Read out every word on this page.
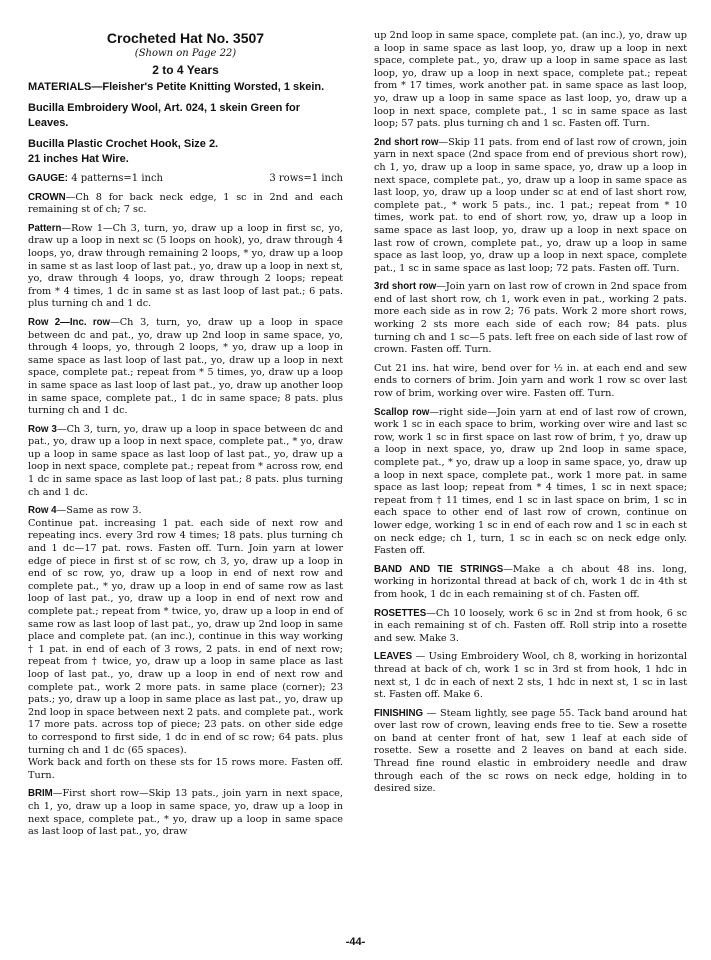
Crocheted Hat No. 3507

(Shown on Page 22)

2 to 4 Years

MATERIALS—Fleisher's Petite Knitting Worsted, 1 skein.

Bucilla Embroidery Wool, Art. 024, 1 skein Green for Leaves.

Bucilla Plastic Crochet Hook, Size 2.

21 inches Hat Wire.

GAUGE: 4 patterns=1 inch	3 rows=1 inch

CROWN—Ch 8 for back neck edge, 1 sc in 2nd and each remaining st of ch; 7 sc.

Pattern—Row 1—Ch 3, turn, yo, draw up a loop in first sc, yo, draw up a loop in next sc (5 loops on hook), yo, draw through 4 loops, yo, draw through remaining 2 loops, * yo, draw up a loop in same st as last loop of last pat., yo, draw up a loop in next st, yo, draw through 4 loops, yo, draw through 2 loops; repeat from * 4 times, 1 dc in same st as last loop of last pat.; 6 pats. plus turning ch and 1 dc.

Row 2—Inc. row—Ch 3, turn, yo, draw up a loop in space between dc and pat., yo, draw up 2nd loop in same space, yo, through 4 loops, yo, through 2 loops, * yo, draw up a loop in same space as last loop of last pat., yo, draw up a loop in next space, complete pat.; repeat from * 5 times, yo, draw up a loop in same space as last loop of last pat., yo, draw up another loop in same space, complete pat., 1 dc in same space; 8 pats. plus turning ch and 1 dc.

Row 3—Ch 3, turn, yo, draw up a loop in space between dc and pat., yo, draw up a loop in next space, complete pat., * yo, draw up a loop in same space as last loop of last pat., yo, draw up a loop in next space, complete pat.; repeat from * across row, end 1 dc in same space as last loop of last pat.; 8 pats. plus turning ch and 1 dc.

Row 4—Same as row 3.

Continue pat. increasing 1 pat. each side of next row and repeating incs. every 3rd row 4 times; 18 pats. plus turning ch and 1 dc—17 pat. rows. Fasten off. Turn. Join yarn at lower edge of piece in first st of sc row, ch 3, yo, draw up a loop in end of sc row, yo, draw up a loop in end of next row and complete pat., * yo, draw up a loop in end of same row as last loop of last pat., yo, draw up a loop in end of next row and complete pat.; repeat from * twice, yo, draw up a loop in end of same row as last loop of last pat., yo, draw up 2nd loop in same place and complete pat. (an inc.), continue in this way working † 1 pat. in end of each of 3 rows, 2 pats. in end of next row; repeat from † twice, yo, draw up a loop in same place as last loop of last pat., yo, draw up a loop in end of next row and complete pat., work 2 more pats. in same place (corner); 23 pats.; yo, draw up a loop in same place as last pat., yo, draw up 2nd loop in space between next 2 pats. and complete pat., work 17 more pats. across top of piece; 23 pats. on other side edge to correspond to first side, 1 dc in end of sc row; 64 pats. plus turning ch and 1 dc (65 spaces).

Work back and forth on these sts for 15 rows more. Fasten off. Turn.

BRIM—First short row—Skip 13 pats., join yarn in next space, ch 1, yo, draw up a loop in same space, yo, draw up a loop in next space, complete pat., * yo, draw up a loop in same space as last loop of last pat., yo, draw

up 2nd loop in same space, complete pat. (an inc.), yo, draw up a loop in same space as last loop, yo, draw up a loop in next space, complete pat., yo, draw up a loop in same space as last loop, yo, draw up a loop in next space, complete pat.; repeat from * 17 times, work another pat. in same space as last loop, yo, draw up a loop in same space as last loop, yo, draw up a loop in next space, complete pat., 1 sc in same space as last loop; 57 pats. plus turning ch and 1 sc. Fasten off. Turn.

2nd short row—Skip 11 pats. from end of last row of crown, join yarn in next space (2nd space from end of previous short row), ch 1, yo, draw up a loop in same space, yo, draw up a loop in next space, complete pat., yo, draw up a loop in same space as last loop, yo, draw up a loop under sc at end of last short row, complete pat., * work 5 pats., inc. 1 pat.; repeat from * 10 times, work pat. to end of short row, yo, draw up a loop in same space as last loop, yo, draw up a loop in next space on last row of crown, complete pat., yo, draw up a loop in same space as last loop, yo, draw up a loop in next space, complete pat., 1 sc in same space as last loop; 72 pats. Fasten off. Turn.

3rd short row—Join yarn on last row of crown in 2nd space from end of last short row, ch 1, work even in pat., working 2 pats. more each side as in row 2; 76 pats. Work 2 more short rows, working 2 sts more each side of each row; 84 pats. plus turning ch and 1 sc—5 pats. left free on each side of last row of crown. Fasten off. Turn.

Cut 21 ins. hat wire, bend over for ½ in. at each end and sew ends to corners of brim. Join yarn and work 1 row sc over last row of brim, working over wire. Fasten off. Turn.

Scallop row—right side—Join yarn at end of last row of crown, work 1 sc in each space to brim, working over wire and last sc row, work 1 sc in first space on last row of brim, † yo, draw up a loop in next space, yo, draw up 2nd loop in same space, complete pat., * yo, draw up a loop in same space, yo, draw up a loop in next space, complete pat., work 1 more pat. in same space as last loop; repeat from * 4 times, 1 sc in next space; repeat from † 11 times, end 1 sc in last space on brim, 1 sc in each space to other end of last row of crown, continue on lower edge, working 1 sc in end of each row and 1 sc in each st on neck edge; ch 1, turn, 1 sc in each sc on neck edge only. Fasten off.

BAND AND TIE STRINGS—Make a ch about 48 ins. long, working in horizontal thread at back of ch, work 1 dc in 4th st from hook, 1 dc in each remaining st of ch. Fasten off.

ROSETTES—Ch 10 loosely, work 6 sc in 2nd st from hook, 6 sc in each remaining st of ch. Fasten off. Roll strip into a rosette and sew. Make 3.

LEAVES — Using Embroidery Wool, ch 8, working in horizontal thread at back of ch, work 1 sc in 3rd st from hook, 1 hdc in next st, 1 dc in each of next 2 sts, 1 hdc in next st, 1 sc in last st. Fasten off. Make 6.

FINISHING — Steam lightly, see page 55. Tack band around hat over last row of crown, leaving ends free to tie. Sew a rosette on band at center front of hat, sew 1 leaf at each side of rosette. Sew a rosette and 2 leaves on band at each side. Thread fine round elastic in embroidery needle and draw through each of the sc rows on neck edge, holding in to desired size.

-44-
